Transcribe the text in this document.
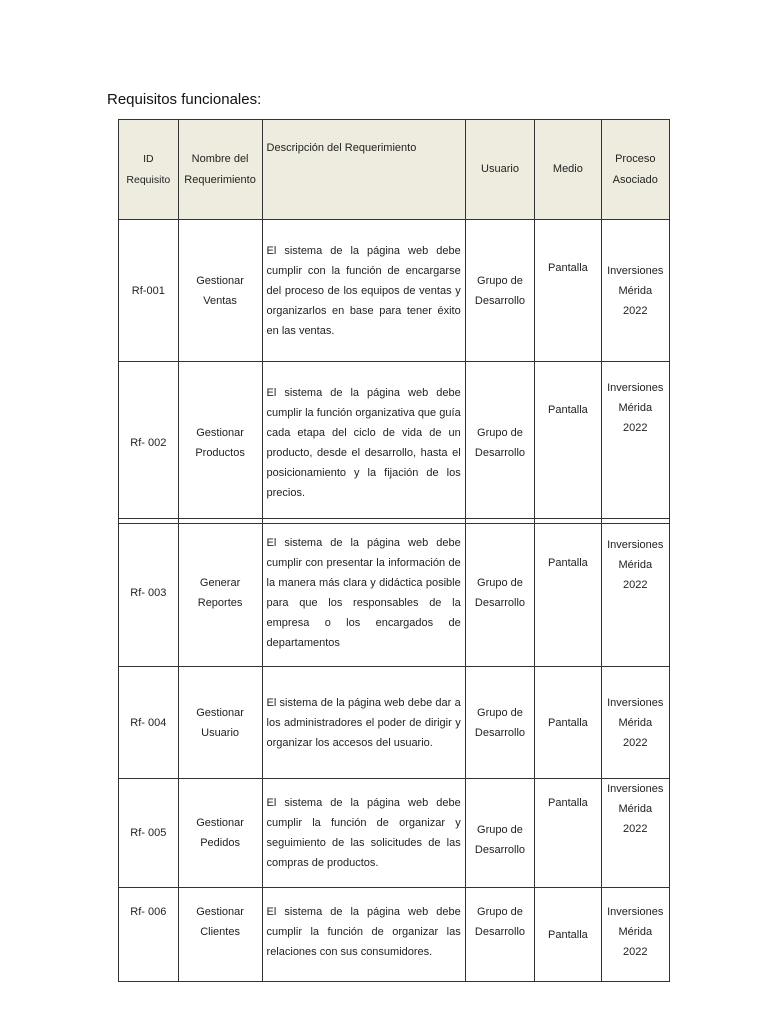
Requisitos funcionales:
ID Requisito	Nombre del Requerimiento	Descripción del Requerimiento	Usuario	Medio	Proceso Asociado
Rf-001	Gestionar Ventas	El sistema de la página web debe cumplir con la función de encargarse del proceso de los equipos de ventas y organizarlos en base para tener éxito en las ventas.	Grupo de Desarrollo	Pantalla	Inversiones Mérida 2022
Rf- 002	Gestionar Productos	El sistema de la página web debe cumplir la función organizativa que guía cada etapa del ciclo de vida de un producto, desde el desarrollo, hasta el posicionamiento y la fijación de los precios.	Grupo de Desarrollo	Pantalla	Inversiones Mérida 2022
Rf- 003	Generar Reportes	El sistema de la página web debe cumplir con presentar la información de la manera más clara y didáctica posible para que los responsables de la empresa o los encargados de departamentos	Grupo de Desarrollo	Pantalla	Inversiones Mérida 2022
Rf- 004	Gestionar Usuario	El sistema de la página web debe dar a los administradores el poder de dirigir y organizar los accesos del usuario.	Grupo de Desarrollo	Pantalla	Inversiones Mérida 2022
Rf- 005	Gestionar Pedidos	El sistema de la página web debe cumplir la función de organizar y seguimiento de las solicitudes de las compras de productos.	Grupo de Desarrollo	Pantalla	Inversiones Mérida 2022
Rf- 006	Gestionar Clientes	El sistema de la página web debe cumplir la función de organizar las relaciones con sus consumidores.	Grupo de Desarrollo	Pantalla	Inversiones Mérida 2022
